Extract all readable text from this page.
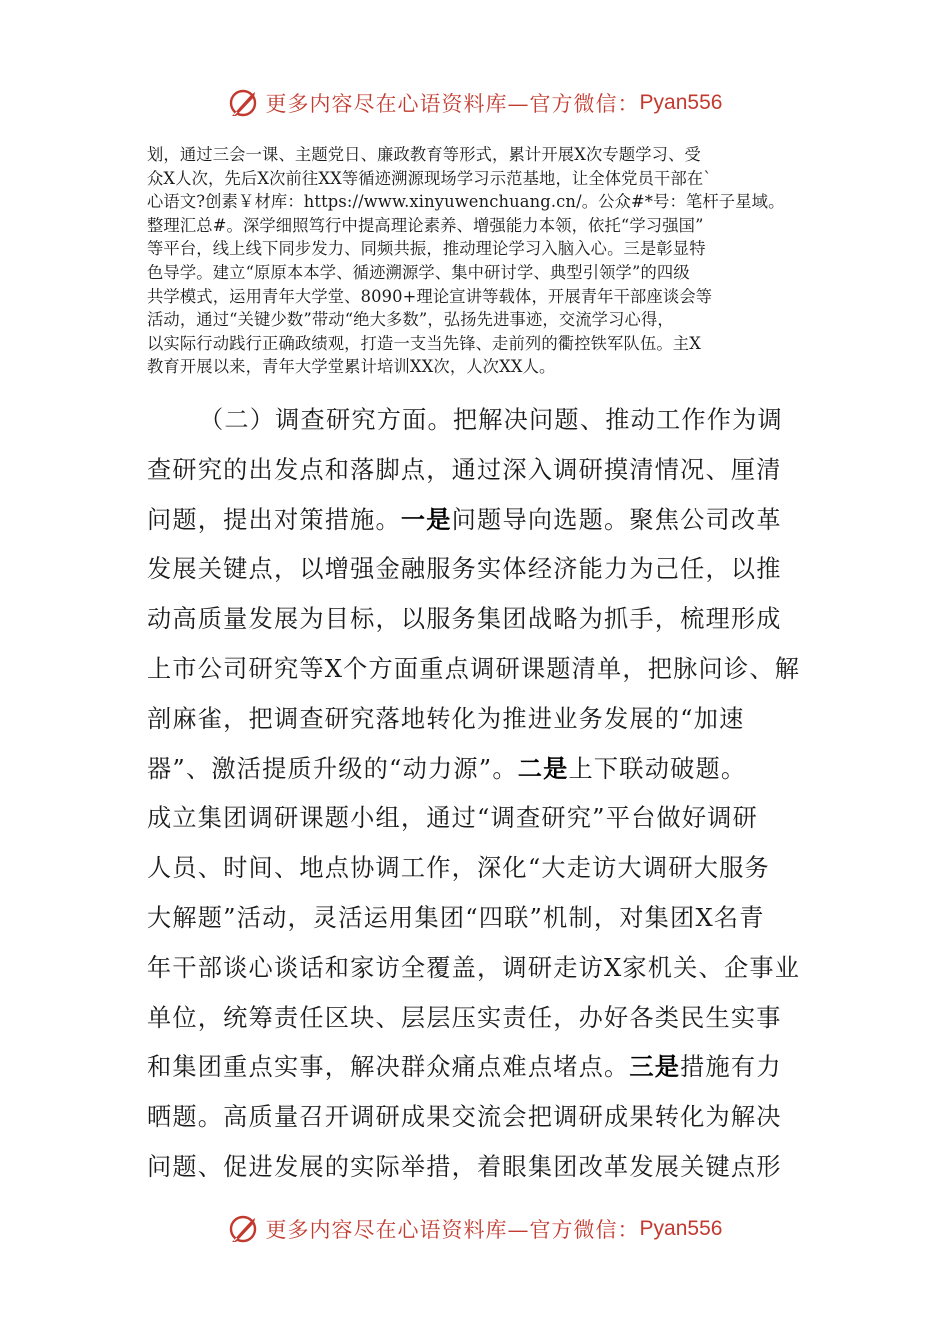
更多内容尽在心语资料库—官方微信： Pyan556
划，通过三会一课、主题党日、廉政教育等形式，累计开展X次专题学习、受
众X人次，先后X次前往XX等循迹溯源现场学习示范基地，让全体党员干部在`
心语文?创素￥材库：https://www.xinyuwenchuang.cn/。公众#*号：笔杆子星域。
整理汇总#。深学细照笃行中提高理论素养、增强能力本领，依托“学习强国”
等平台，线上线下同步发力、同频共振，推动理论学习入脑入心。三是彰显特
色导学。建立“原原本本学、循迹溯源学、集中研讨学、典型引领学”的四级
共学模式，运用青年大学堂、8090+理论宣讲等载体，开展青年干部座谈会等
活动，通过“关键少数”带动“绝大多数”，弘扬先进事迹，交流学习心得，
以实际行动践行正确政绩观，打造一支当先锋、走前列的衢控铁军队伍。主X
教育开展以来，青年大学堂累计培训XX次，人次XX人。
（二）调查研究方面。把解决问题、推动工作作为调
查研究的出发点和落脚点，通过深入调研摸清情况、厘清
问题，提出对策措施。一是问题导向选题。聚焦公司改革
发展关键点，以增强金融服务实体经济能力为己任，以推
动高质量发展为目标，以服务集团战略为抓手，梳理形成
上市公司研究等X个方面重点调研课题清单，把脉问诊、解
剖麻雀，把调查研究落地转化为推进业务发展的“加速
器”、激活提质升级的“动力源”。二是上下联动破题。
成立集团调研课题小组，通过“调查研究”平台做好调研
人员、时间、地点协调工作，深化“大走访大调研大服务
大解题”活动，灵活运用集团“四联”机制，对集团X名青
年干部谈心谈话和家访全覆盖，调研走访X家机关、企事业
单位，统筹责任区块、层层压实责任，办好各类民生实事
和集团重点实事，解决群众痛点难点堵点。三是措施有力
晒题。高质量召开调研成果交流会把调研成果转化为解决
问题、促进发展的实际举措，着眼集团改革发展关键点形
更多内容尽在心语资料库—官方微信： Pyan556
